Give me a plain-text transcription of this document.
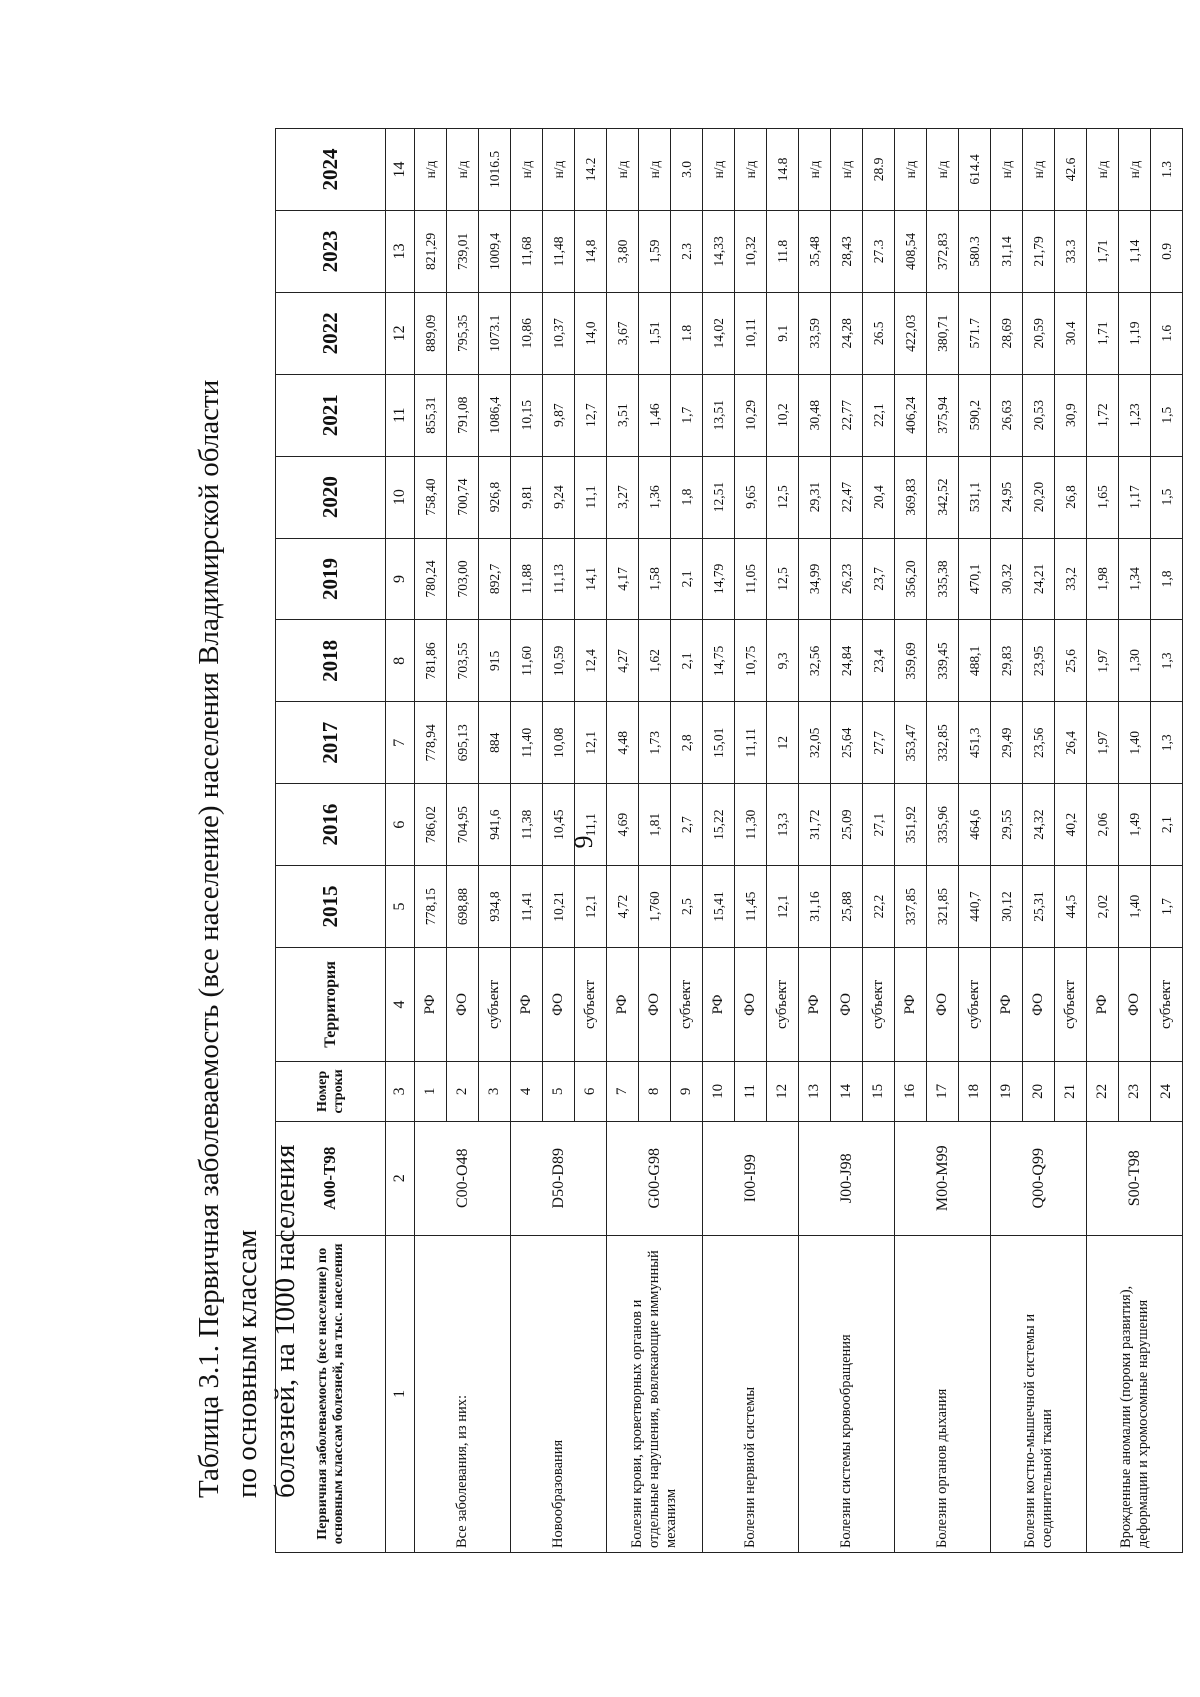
9
Таблица 3.1. Первичная заболеваемость (все население) населения Владимирской области по основным классам болезней, на 1000 населения Первичная заболеваемость (все население) по основным классам болезней, на тыс. населения	A00-T98	Номер строки	Территория	2015	2016	2017	2018	2019	2020	2021	2022	2023	2024
1	2	3	4	5	6	7	8	9	10	11	12	13	14
Все заболевания, из них:	C00-O48	1	РФ	778,15	786,02	778,94	781,86	780,24	758,40	855,31	889,09	821,29	н/д
		2	ФО	698,88	704,95	695,13	703,55	703,00	700,74	791,08	795,35	739,01	н/д
		3	субъект	934,8	941,6	884	915	892,7	926,8	1086,4	1073.1	1009,4	1016.5
Новообразования	D50-D89	4	РФ	11,41	11,38	11,40	11,60	11,88	9,81	10,15	10,86	11,68	н/д
		5	ФО	10,21	10,45	10,08	10,59	11,13	9,24	9,87	10,37	11,48	н/д
		6	субъект	12,1	11,1	12,1	12,4	14,1	11,1	12,7	14,0	14,8	14.2
Болезни крови, кроветворных органов и отдельные нарушения, вовлекающие иммунный механизм	G00-G98	7	РФ	4,72	4,69	4,48	4,27	4,17	3,27	3,51	3,67	3,80	н/д
		8	ФО	1,760	1,81	1,73	1,62	1,58	1,36	1,46	1,51	1,59	н/д
		9	субъект	2,5	2,7	2,8	2,1	2,1	1,8	1,7	1.8	2.3	3.0
Болезни нервной системы	I00-I99	10	РФ	15,41	15,22	15,01	14,75	14,79	12,51	13,51	14,02	14,33	н/д
		11	ФО	11,45	11,30	11,11	10,75	11,05	9,65	10,29	10,11	10,32	н/д
		12	субъект	12,1	13,3	12	9,3	12,5	12,5	10,2	9.1	11.8	14.8
Болезни системы кровообращения	J00-J98	13	РФ	31,16	31,72	32,05	32,56	34,99	29,31	30,48	33,59	35,48	н/д
		14	ФО	25,88	25,09	25,64	24,84	26,23	22,47	22,77	24,28	28,43	н/д
		15	субъект	22,2	27,1	27,7	23,4	23,7	20,4	22,1	26.5	27.3	28.9
Болезни органов дыхания	M00-M99	16	РФ	337,85	351,92	353,47	359,69	356,20	369,83	406,24	422,03	408,54	н/д
		17	ФО	321,85	335,96	332,85	339,45	335,38	342,52	375,94	380,71	372,83	н/д
		18	субъект	440,7	464,6	451,3	488,1	470,1	531,1	590,2	571.7	580.3	614.4
Болезни костно-мышечной системы и соединительной ткани	Q00-Q99	19	РФ	30,12	29,55	29,49	29,83	30,32	24,95	26,63	28,69	31,14	н/д
		20	ФО	25,31	24,32	23,56	23,95	24,21	20,20	20,53	20,59	21,79	н/д
		21	субъект	44,5	40,2	26,4	25,6	33,2	26,8	30,9	30.4	33.3	42.6
Врожденные аномалии (пороки развития), деформации и хромосомные нарушения	S00-T98	22	РФ	2,02	2,06	1,97	1,97	1,98	1,65	1,72	1,71	1,71	н/д
		23	ФО	1,40	1,49	1,40	1,30	1,34	1,17	1,23	1,19	1,14	н/д
		24	субъект	1,7	2,1	1,3	1,3	1,8	1,5	1,5	1.6	0.9	1.3
